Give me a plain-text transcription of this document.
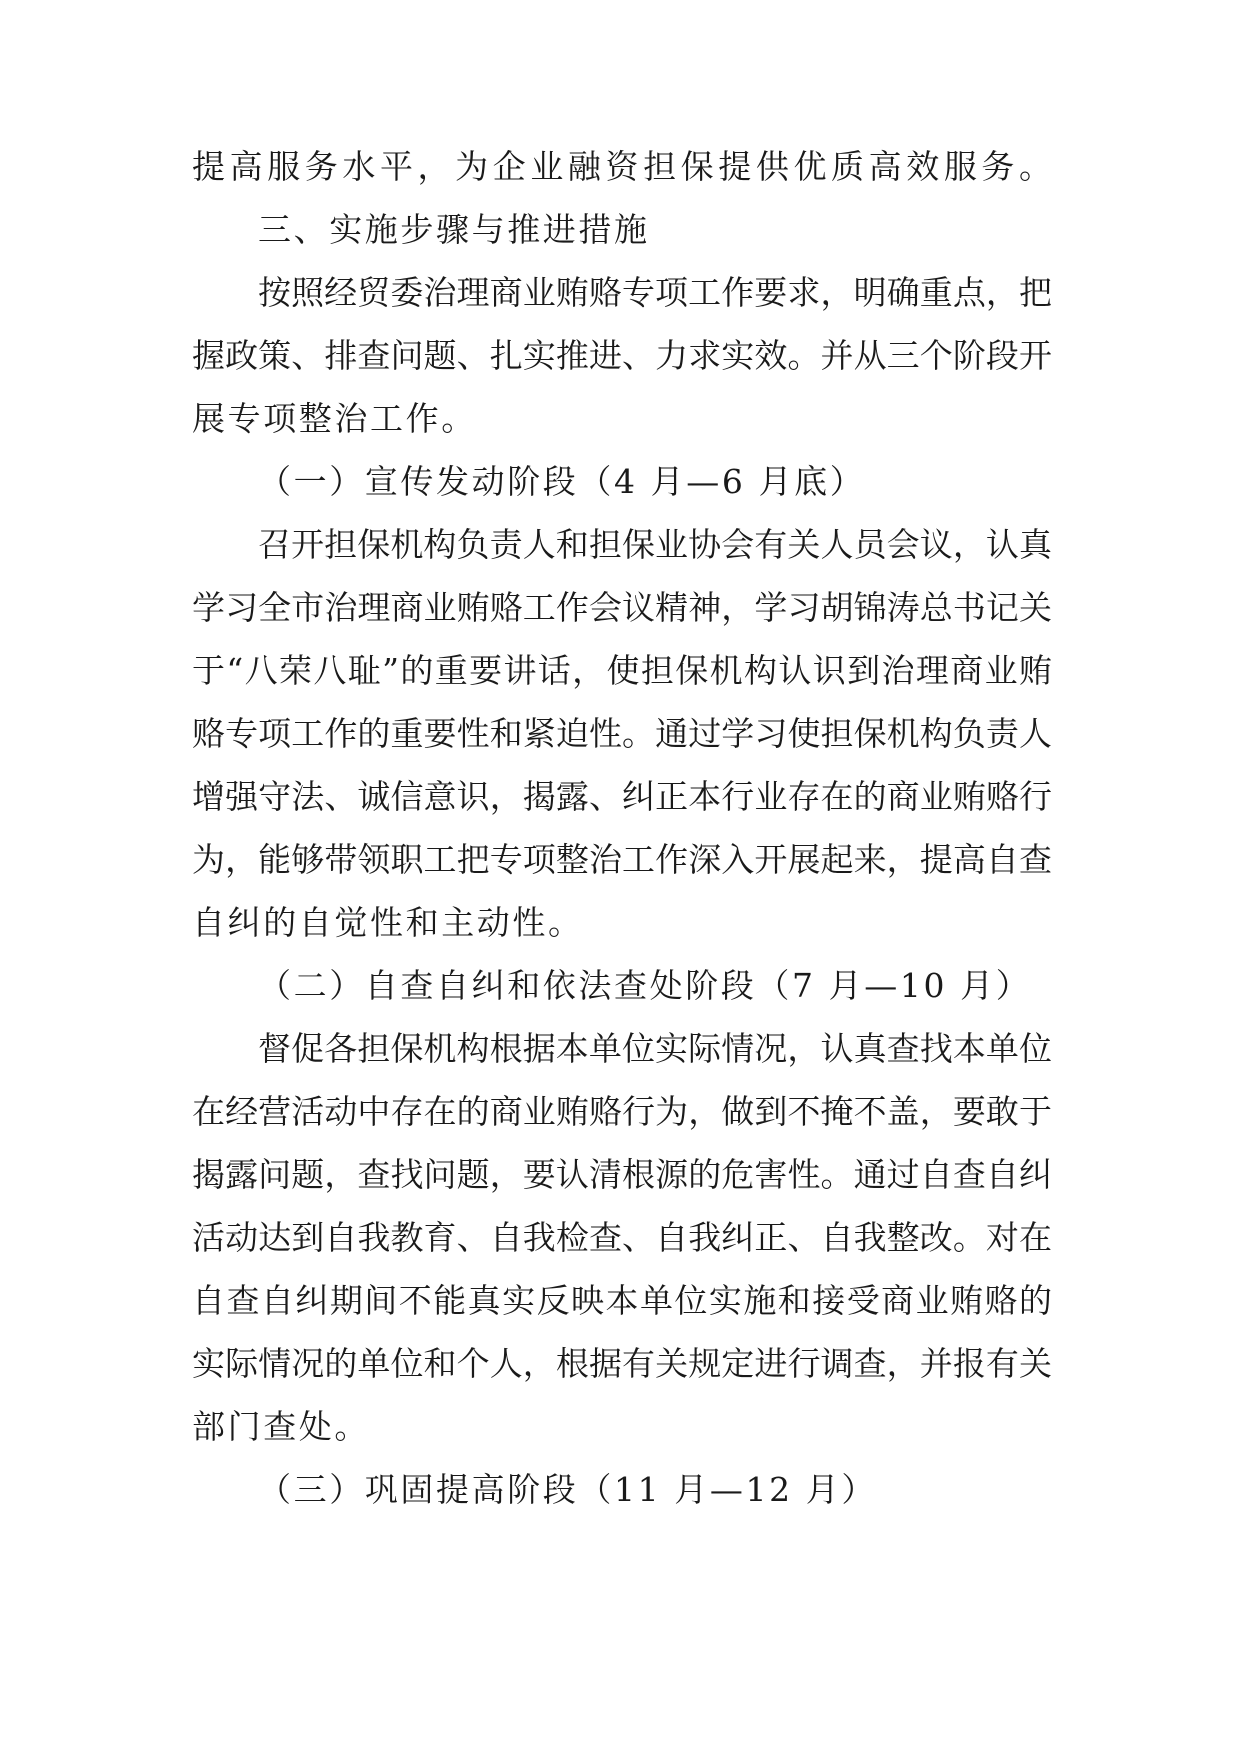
提高服务水平，为企业融资担保提供优质高效服务。
三、实施步骤与推进措施
按照经贸委治理商业贿赂专项工作要求，明确重点，把
握政策、排查问题、扎实推进、力求实效。并从三个阶段开
展专项整治工作。
（一）宣传发动阶段（4 月—6 月底）
召开担保机构负责人和担保业协会有关人员会议，认真
学习全市治理商业贿赂工作会议精神，学习胡锦涛总书记关
于“八荣八耻”的重要讲话，使担保机构认识到治理商业贿
赂专项工作的重要性和紧迫性。通过学习使担保机构负责人
增强守法、诚信意识，揭露、纠正本行业存在的商业贿赂行
为，能够带领职工把专项整治工作深入开展起来，提高自查
自纠的自觉性和主动性。
（二）自查自纠和依法查处阶段（7 月—10 月）
督促各担保机构根据本单位实际情况，认真查找本单位
在经营活动中存在的商业贿赂行为，做到不掩不盖，要敢于
揭露问题，查找问题，要认清根源的危害性。通过自查自纠
活动达到自我教育、自我检查、自我纠正、自我整改。对在
自查自纠期间不能真实反映本单位实施和接受商业贿赂的
实际情况的单位和个人，根据有关规定进行调查，并报有关
部门查处。
（三）巩固提高阶段（11 月—12 月）
